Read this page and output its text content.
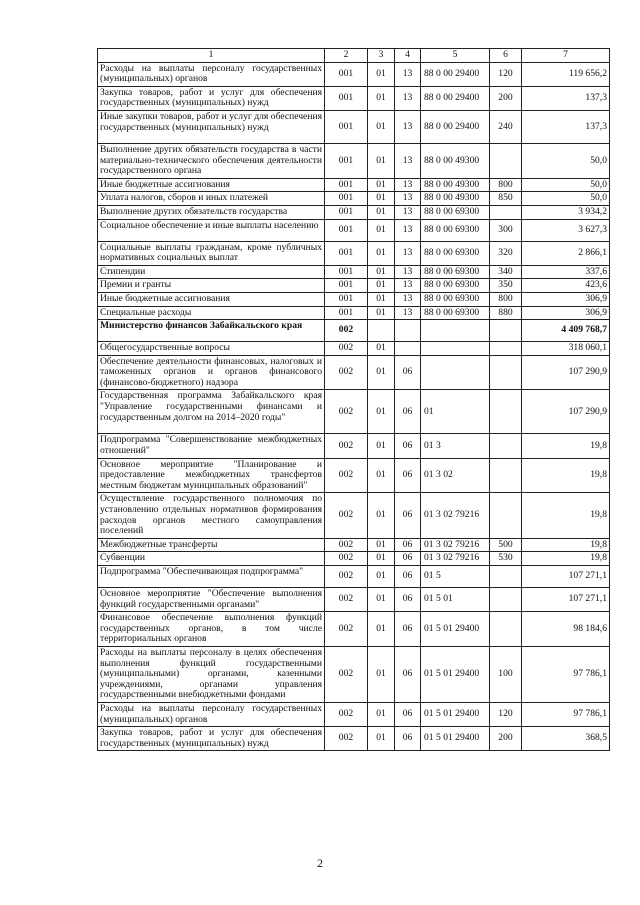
1	2	3	4	5	6	7
Расходы на выплаты персоналу государственных (муниципальных) органов	001	01	13	88 0 00 29400	120	119 656,2
Закупка товаров, работ и услуг для обеспечения государственных (муниципальных) нужд	001	01	13	88 0 00 29400	200	137,3
Иные закупки товаров, работ и услуг для обеспечения государственных (муниципальных) нужд	001	01	13	88 0 00 29400	240	137,3
Выполнение других обязательств государства в части материально-технического обеспечения деятельности государственного органа	001	01	13	88 0 00 49300		50,0
Иные бюджетные ассигнования	001	01	13	88 0 00 49300	800	50,0
Уплата налогов, сборов и иных платежей	001	01	13	88 0 00 49300	850	50,0
Выполнение других обязательств государства	001	01	13	88 0 00 69300		3 934,2
Социальное обеспечение и иные выплаты населению	001	01	13	88 0 00 69300	300	3 627,3
Социальные выплаты гражданам, кроме публичных нормативных социальных выплат	001	01	13	88 0 00 69300	320	2 866,1
Стипендии	001	01	13	88 0 00 69300	340	337,6
Премии и гранты	001	01	13	88 0 00 69300	350	423,6
Иные бюджетные ассигнования	001	01	13	88 0 00 69300	800	306,9
Специальные расходы	001	01	13	88 0 00 69300	880	306,9
Министерство финансов Забайкальского края	002					4 409 768,7
Общегосударственные вопросы	002	01				318 060,1
Обеспечение деятельности финансовых, налоговых и таможенных органов и органов финансового (финансово-бюджетного) надзора	002	01	06			107 290,9
Государственная программа Забайкальского края "Управление государственными финансами и государственным долгом на 2014–2020 годы"	002	01	06	01		107 290,9
Подпрограмма "Совершенствование межбюджетных отношений"	002	01	06	01 3		19,8
Основное мероприятие "Планирование и предоставление межбюджетных трансфертов местным бюджетам муниципальных образований"	002	01	06	01 3 02		19,8
Осуществление государственного полномочия по установлению отдельных нормативов формирования расходов органов местного самоуправления поселений	002	01	06	01 3 02 79216		19,8
Межбюджетные трансферты	002	01	06	01 3 02 79216	500	19,8
Субвенции	002	01	06	01 3 02 79216	530	19,8
Подпрограмма "Обеспечивающая подпрограмма"	002	01	06	01 5		107 271,1
Основное мероприятие "Обеспечение выполнения функций государственными органами"	002	01	06	01 5 01		107 271,1
Финансовое обеспечение выполнения функций государственных органов, в том числе территориальных органов	002	01	06	01 5 01 29400		98 184,6
Расходы на выплаты персоналу в целях обеспечения выполнения функций государственными (муниципальными) органами, казенными учреждениями, органами управления государственными внебюджетными фондами	002	01	06	01 5 01 29400	100	97 786,1
Расходы на выплаты персоналу государственных (муниципальных) органов	002	01	06	01 5 01 29400	120	97 786,1
Закупка товаров, работ и услуг для обеспечения государственных (муниципальных) нужд	002	01	06	01 5 01 29400	200	368,5
2
